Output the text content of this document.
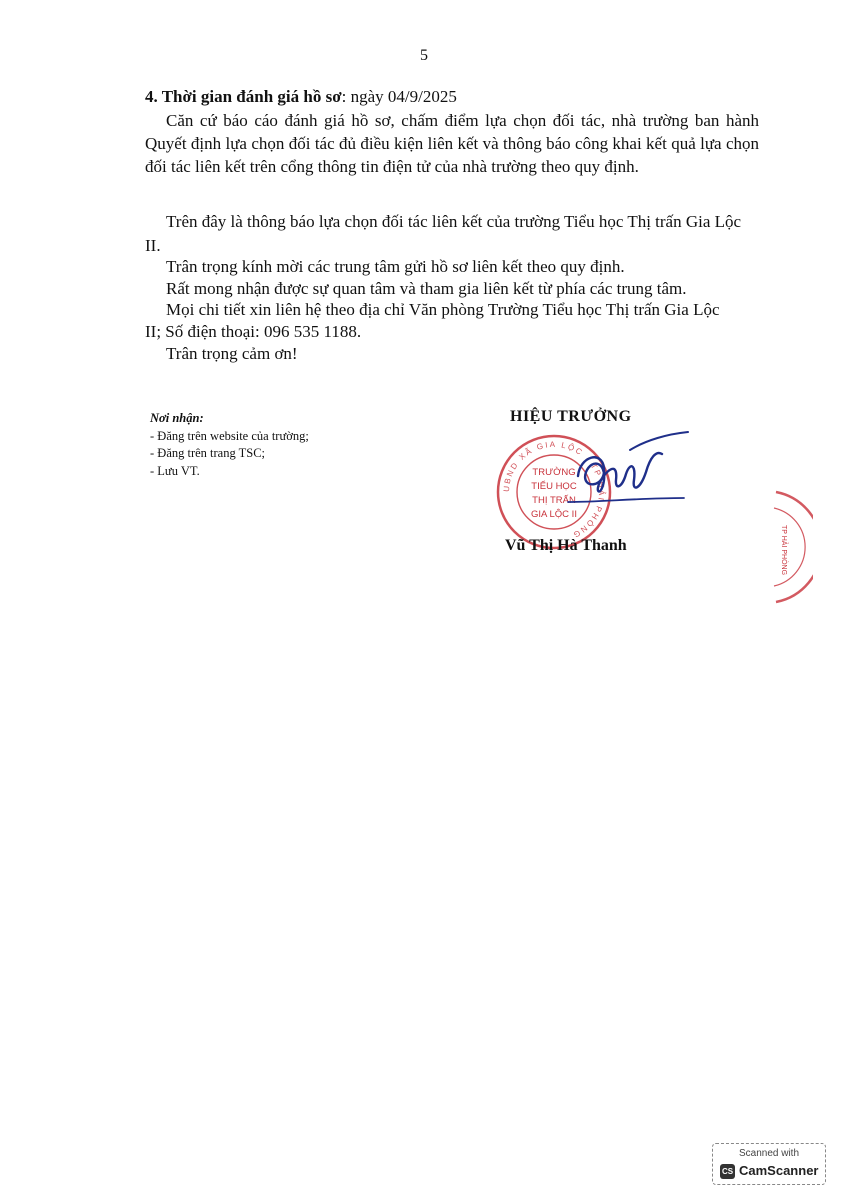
5
4. Thời gian đánh giá hồ sơ: ngày 04/9/2025
Căn cứ báo cáo đánh giá hồ sơ, chấm điểm lựa chọn đối tác, nhà trường ban hành Quyết định lựa chọn đối tác đủ điều kiện liên kết và thông báo công khai kết quả lựa chọn đối tác liên kết trên cổng thông tin điện tử của nhà trường theo quy định.
Trên đây là thông báo lựa chọn đối tác liên kết của trường Tiểu học Thị trấn Gia Lộc
II.
Trân trọng kính mời các trung tâm gửi hồ sơ liên kết theo quy định.
Rất mong nhận được sự quan tâm và tham gia liên kết từ phía các trung tâm.
Mọi chi tiết xin liên hệ theo địa chỉ Văn phòng Trường Tiểu học Thị trấn Gia Lộc
II; Số điện thoại: 096 535 1188.
Trân trọng cảm ơn!
Nơi nhận:
- Đăng trên website của trường;
- Đăng trên trang TSC;
- Lưu VT.
HIỆU TRƯỞNG
UBND XÃ GIA LỘC · TP HẢI PHÒNG
TRƯỜNG
TIỂU HỌC
THỊ TRẤN
GIA LỘC II
Vũ Thị Hà Thanh	TP HẢI PHÒNG
Scanned with
CS CamScanner
